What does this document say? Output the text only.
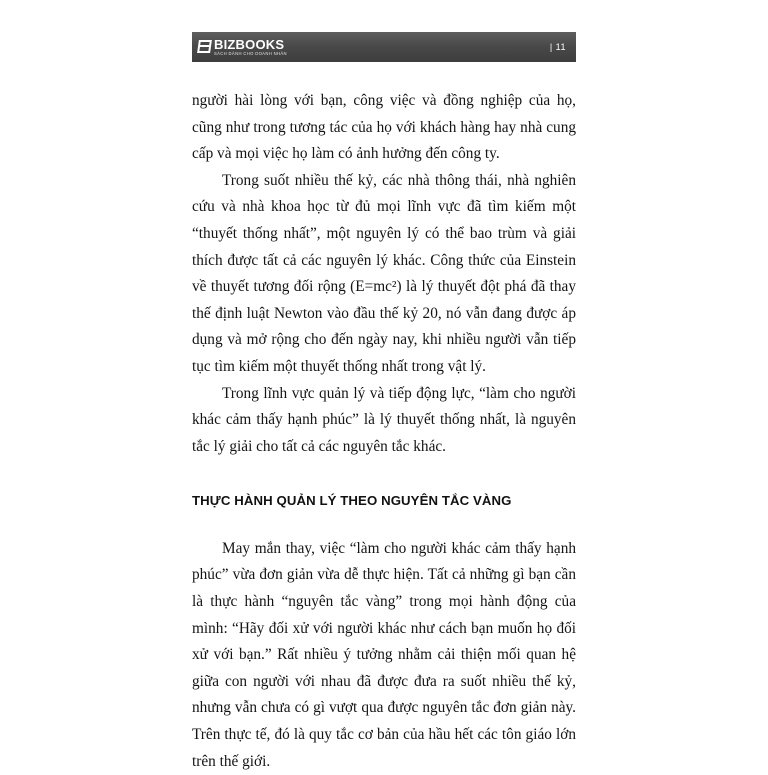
BIZBOOKS
SÁCH DÀNH CHO DOANH NHÂN
| 11

người hài lòng với bạn, công việc và đồng nghiệp của họ, cũng như trong tương tác của họ với khách hàng hay nhà cung cấp và mọi việc họ làm có ảnh hưởng đến công ty.

Trong suốt nhiều thế kỷ, các nhà thông thái, nhà nghiên cứu và nhà khoa học từ đủ mọi lĩnh vực đã tìm kiếm một “thuyết thống nhất”, một nguyên lý có thể bao trùm và giải thích được tất cả các nguyên lý khác. Công thức của Einstein về thuyết tương đối rộng (E=mc²) là lý thuyết đột phá đã thay thế định luật Newton vào đầu thế kỷ 20, nó vẫn đang được áp dụng và mở rộng cho đến ngày nay, khi nhiều người vẫn tiếp tục tìm kiếm một thuyết thống nhất trong vật lý.

Trong lĩnh vực quản lý và tiếp động lực, “làm cho người khác cảm thấy hạnh phúc” là lý thuyết thống nhất, là nguyên tắc lý giải cho tất cả các nguyên tắc khác.

THỰC HÀNH QUẢN LÝ THEO NGUYÊN TẮC VÀNG

May mắn thay, việc “làm cho người khác cảm thấy hạnh phúc” vừa đơn giản vừa dễ thực hiện. Tất cả những gì bạn cần là thực hành “nguyên tắc vàng” trong mọi hành động của mình: “Hãy đối xử với người khác như cách bạn muốn họ đối xử với bạn.” Rất nhiều ý tưởng nhằm cải thiện mối quan hệ giữa con người với nhau đã được đưa ra suốt nhiều thế kỷ, nhưng vẫn chưa có gì vượt qua được nguyên tắc đơn giản này. Trên thực tế, đó là quy tắc cơ bản của hầu hết các tôn giáo lớn trên thế giới.
